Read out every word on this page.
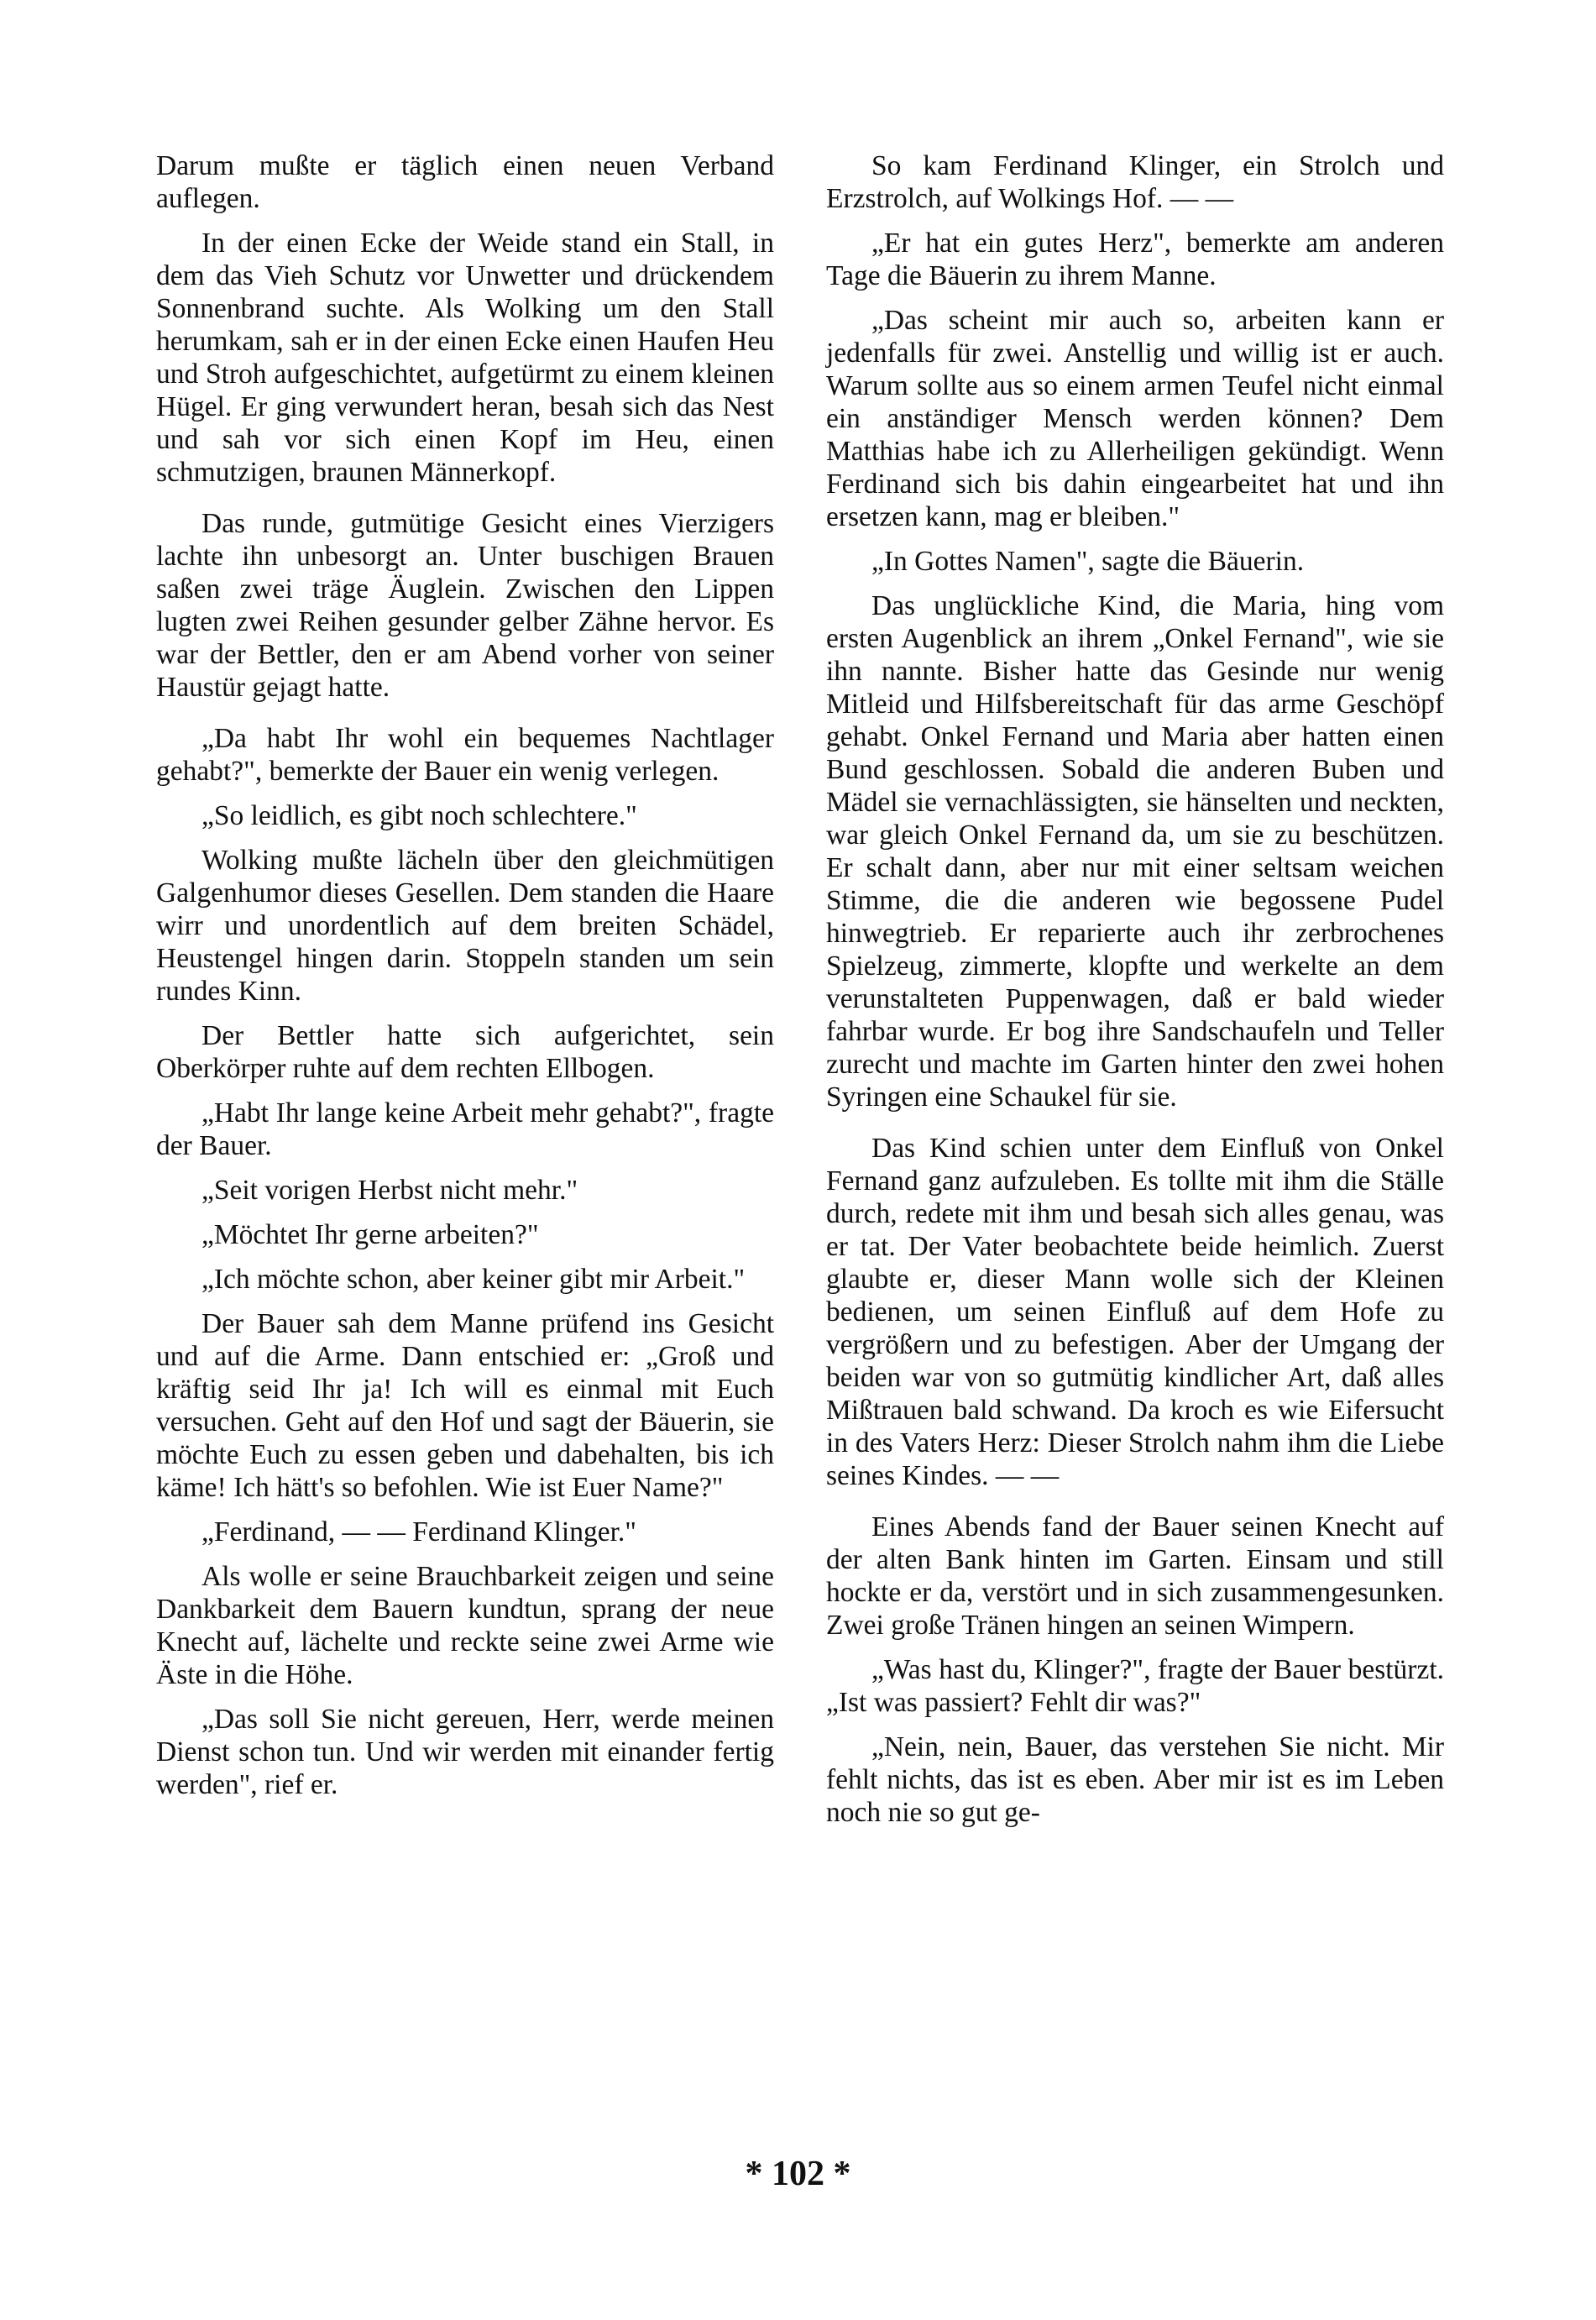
Darum mußte er täglich einen neuen Verband auflegen.

In der einen Ecke der Weide stand ein Stall, in dem das Vieh Schutz vor Unwetter und drückendem Sonnenbrand suchte. Als Wolking um den Stall herumkam, sah er in der einen Ecke einen Haufen Heu und Stroh aufgeschichtet, aufgetürmt zu einem kleinen Hügel. Er ging verwundert heran, besah sich das Nest und sah vor sich einen Kopf im Heu, einen schmutzigen, braunen Männerkopf.

Das runde, gutmütige Gesicht eines Vierzigers lachte ihn unbesorgt an. Unter buschigen Brauen saßen zwei träge Äuglein. Zwischen den Lippen lugten zwei Reihen gesunder gelber Zähne hervor. Es war der Bettler, den er am Abend vorher von seiner Haustür gejagt hatte.

„Da habt Ihr wohl ein bequemes Nachtlager gehabt?", bemerkte der Bauer ein wenig verlegen.

„So leidlich, es gibt noch schlechtere."

Wolking mußte lächeln über den gleichmütigen Galgenhumor dieses Gesellen. Dem standen die Haare wirr und unordentlich auf dem breiten Schädel, Heustengel hingen darin. Stoppeln standen um sein rundes Kinn.

Der Bettler hatte sich aufgerichtet, sein Oberkörper ruhte auf dem rechten Ellbogen.

„Habt Ihr lange keine Arbeit mehr gehabt?", fragte der Bauer.

„Seit vorigen Herbst nicht mehr."

„Möchtet Ihr gerne arbeiten?"

„Ich möchte schon, aber keiner gibt mir Arbeit."

Der Bauer sah dem Manne prüfend ins Gesicht und auf die Arme. Dann entschied er: „Groß und kräftig seid Ihr ja! Ich will es einmal mit Euch versuchen. Geht auf den Hof und sagt der Bäuerin, sie möchte Euch zu essen geben und dabehalten, bis ich käme! Ich hätt's so befohlen. Wie ist Euer Name?"

„Ferdinand, — — Ferdinand Klinger."

Als wolle er seine Brauchbarkeit zeigen und seine Dankbarkeit dem Bauern kundtun, sprang der neue Knecht auf, lächelte und reckte seine zwei Arme wie Äste in die Höhe.

„Das soll Sie nicht gereuen, Herr, werde meinen Dienst schon tun. Und wir werden mit einander fertig werden", rief er.

So kam Ferdinand Klinger, ein Strolch und Erzstrolch, auf Wolkings Hof. — —

„Er hat ein gutes Herz", bemerkte am anderen Tage die Bäuerin zu ihrem Manne.

„Das scheint mir auch so, arbeiten kann er jedenfalls für zwei. Anstellig und willig ist er auch. Warum sollte aus so einem armen Teufel nicht einmal ein anständiger Mensch werden können? Dem Matthias habe ich zu Allerheiligen gekündigt. Wenn Ferdinand sich bis dahin eingearbeitet hat und ihn ersetzen kann, mag er bleiben."

„In Gottes Namen", sagte die Bäuerin.

Das unglückliche Kind, die Maria, hing vom ersten Augenblick an ihrem „Onkel Fernand", wie sie ihn nannte. Bisher hatte das Gesinde nur wenig Mitleid und Hilfsbereitschaft für das arme Geschöpf gehabt. Onkel Fernand und Maria aber hatten einen Bund geschlossen. Sobald die anderen Buben und Mädel sie vernachlässigten, sie hänselten und neckten, war gleich Onkel Fernand da, um sie zu beschützen. Er schalt dann, aber nur mit einer seltsam weichen Stimme, die die anderen wie begossene Pudel hinwegtrieb. Er reparierte auch ihr zerbrochenes Spielzeug, zimmerte, klopfte und werkelte an dem verunstalteten Puppenwagen, daß er bald wieder fahrbar wurde. Er bog ihre Sandschaufeln und Teller zurecht und machte im Garten hinter den zwei hohen Syringen eine Schaukel für sie.

Das Kind schien unter dem Einfluß von Onkel Fernand ganz aufzuleben. Es tollte mit ihm die Ställe durch, redete mit ihm und besah sich alles genau, was er tat. Der Vater beobachtete beide heimlich. Zuerst glaubte er, dieser Mann wolle sich der Kleinen bedienen, um seinen Einfluß auf dem Hofe zu vergrößern und zu befestigen. Aber der Umgang der beiden war von so gutmütig kindlicher Art, daß alles Mißtrauen bald schwand. Da kroch es wie Eifersucht in des Vaters Herz: Dieser Strolch nahm ihm die Liebe seines Kindes. — —

Eines Abends fand der Bauer seinen Knecht auf der alten Bank hinten im Garten. Einsam und still hockte er da, verstört und in sich zusammengesunken. Zwei große Tränen hingen an seinen Wimpern.

„Was hast du, Klinger?", fragte der Bauer bestürzt. „Ist was passiert? Fehlt dir was?"

„Nein, nein, Bauer, das verstehen Sie nicht. Mir fehlt nichts, das ist es eben. Aber mir ist es im Leben noch nie so gut ge-

* 102 *
